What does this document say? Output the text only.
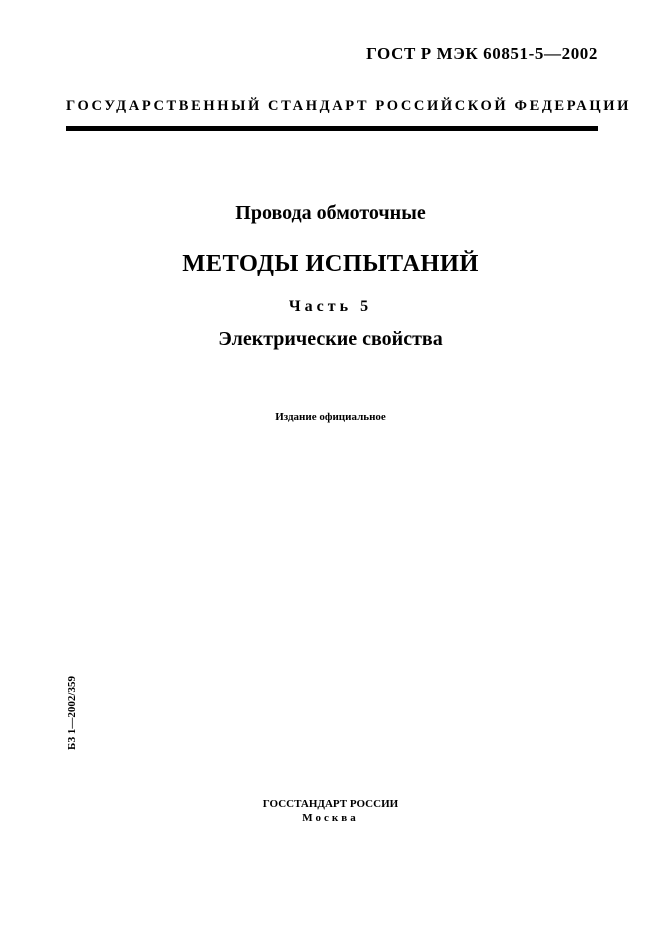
ГОСТ Р МЭК 60851-5—2002
ГОСУДАРСТВЕННЫЙ СТАНДАРТ РОССИЙСКОЙ ФЕДЕРАЦИИ
Провода обмоточные
МЕТОДЫ ИСПЫТАНИЙ
Часть 5
Электрические свойства
Издание официальное
БЗ 1—2002/359
ГОССТАНДАРТ РОССИИ
Москва
